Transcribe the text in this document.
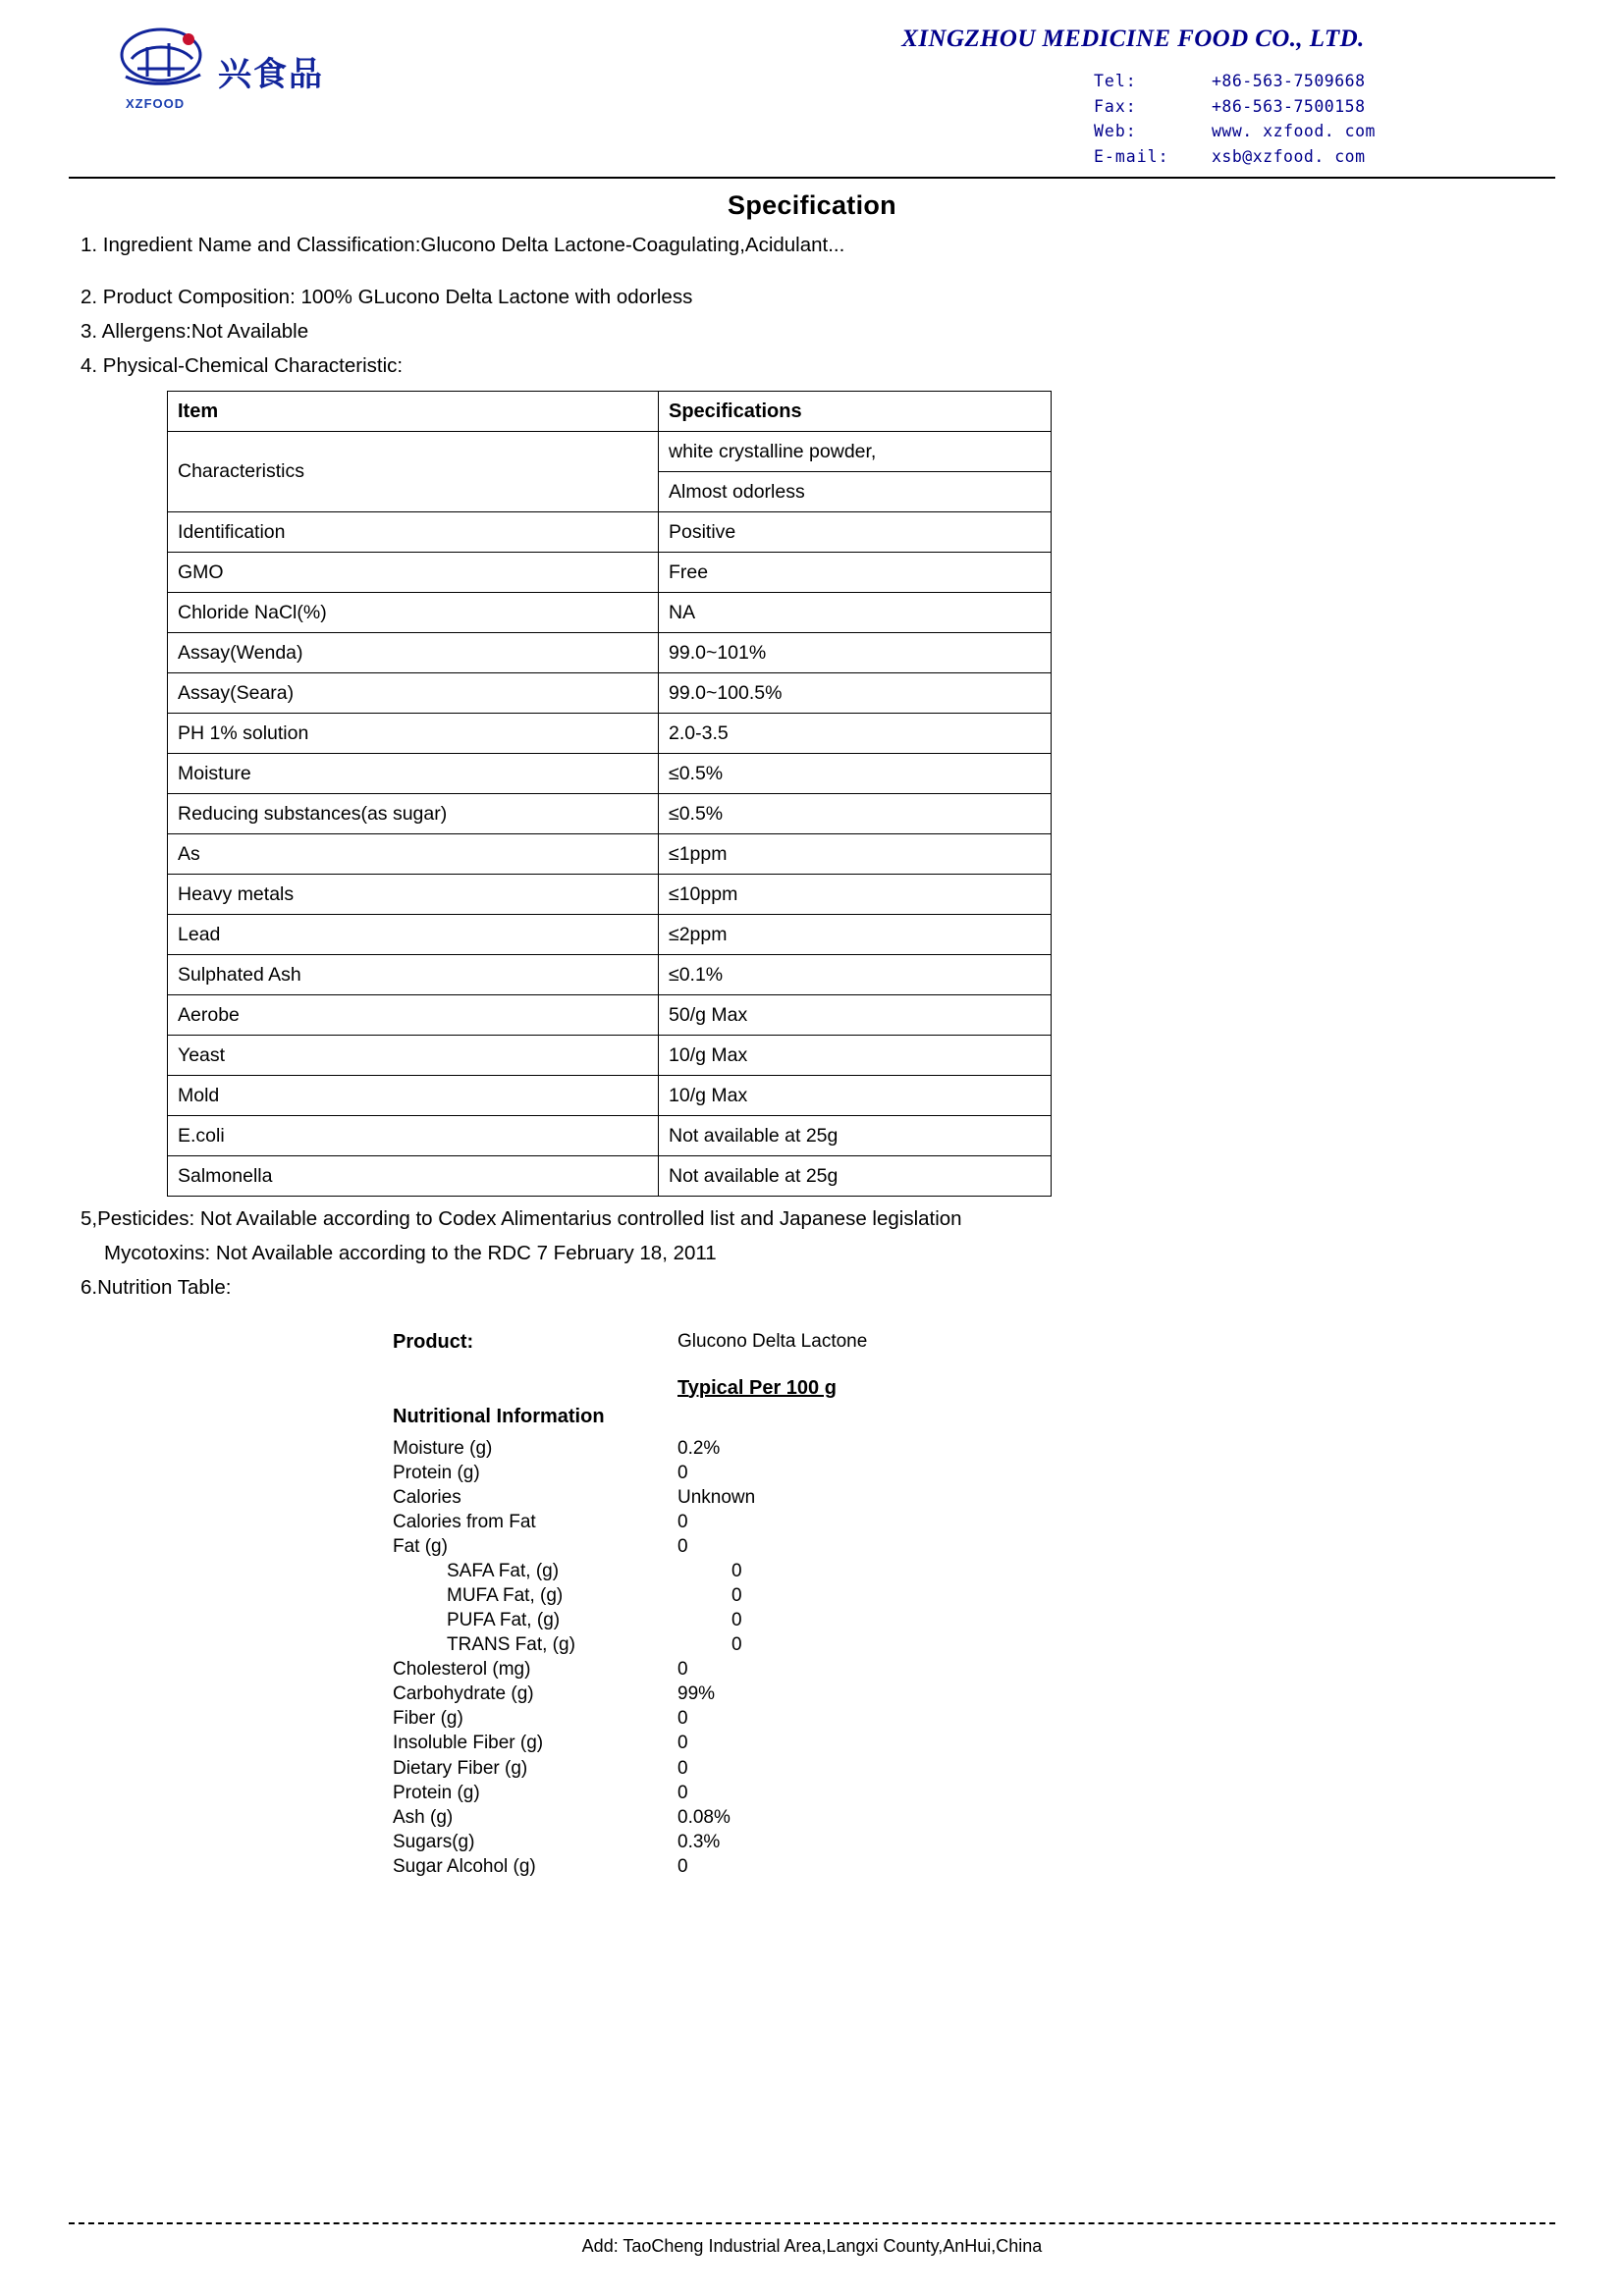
XZFOOD
兴食品
XINGZHOU MEDICINE FOOD CO., LTD.
Tel:	+86-563-7509668
Fax:	+86-563-7500158
Web:	www. xzfood. com
E-mail:	xsb@xzfood. com
Specification

1. Ingredient Name and Classification:Glucono Delta Lactone-Coagulating,Acidulant...

2. Product Composition: 100% GLucono Delta Lactone with odorless

3. Allergens:Not Available

4. Physical-Chemical Characteristic:

Item	Specifications
Characteristics	white crystalline powder,
	Almost odorless
Identification	Positive
GMO	Free
Chloride NaCl(%)	NA
Assay(Wenda)	99.0~101%
Assay(Seara)	99.0~100.5%
PH 1% solution	2.0-3.5
Moisture	≤0.5%
Reducing substances(as sugar)	≤0.5%
As	≤1ppm
Heavy metals	≤10ppm
Lead	≤2ppm
Sulphated Ash	≤0.1%
Aerobe	50/g Max
Yeast	10/g Max
Mold	10/g Max
E.coli	Not available at 25g
Salmonella	Not available at 25g

5,Pesticides: Not Available according to Codex Alimentarius controlled list and Japanese legislation

Mycotoxins: Not Available according to the RDC 7 February 18, 2011

6.Nutrition Table:

Product:	Glucono Delta Lactone
Typical Per 100 g
Nutritional Information
Moisture (g)	0.2%
Protein (g)	0
Calories	Unknown
Calories from Fat	0
Fat (g)	0
SAFA Fat, (g)	0
MUFA Fat, (g)	0
PUFA Fat, (g)	0
TRANS Fat, (g)	0
Cholesterol (mg)	0
Carbohydrate (g)	99%
Fiber (g)	0
Insoluble Fiber (g)	0
Dietary Fiber (g)	0
Protein (g)	0
Ash (g)	0.08%
Sugars(g)	0.3%
Sugar Alcohol (g)	0
Add: TaoCheng Industrial Area,Langxi County,AnHui,China
